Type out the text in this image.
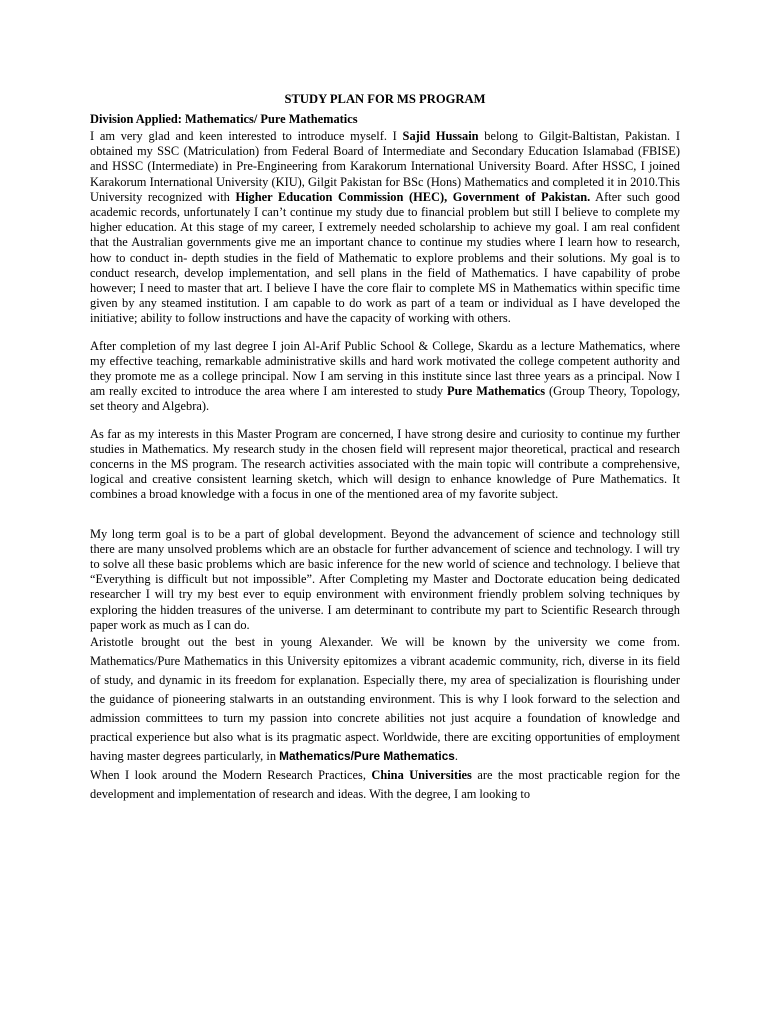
STUDY PLAN FOR MS PROGRAM
Division Applied: Mathematics/ Pure Mathematics

I am very glad and keen interested to introduce myself. I Sajid Hussain belong to Gilgit-Baltistan, Pakistan. I obtained my SSC (Matriculation) from Federal Board of Intermediate and Secondary Education Islamabad (FBISE) and HSSC (Intermediate) in Pre-Engineering from Karakorum International University Board. After HSSC, I joined Karakorum International University (KIU), Gilgit Pakistan for BSc (Hons) Mathematics and completed it in 2010.This University recognized with Higher Education Commission (HEC), Government of Pakistan. After such good academic records, unfortunately I can’t continue my study due to financial problem but still I believe to complete my higher education. At this stage of my career, I extremely needed scholarship to achieve my goal. I am real confident that the Australian governments give me an important chance to continue my studies where I learn how to research, how to conduct in- depth studies in the field of Mathematic to explore problems and their solutions. My goal is to conduct research, develop implementation, and sell plans in the field of Mathematics. I have capability of probe however; I need to master that art. I believe I have the core flair to complete MS in Mathematics within specific time given by any steamed institution. I am capable to do work as part of a team or individual as I have developed the initiative; ability to follow instructions and have the capacity of working with others.

After completion of my last degree I join Al-Arif Public School & College, Skardu as a lecture Mathematics, where my effective teaching, remarkable administrative skills and hard work motivated the college competent authority and they promote me as a college principal. Now I am serving in this institute since last three years as a principal. Now I am really excited to introduce the area where I am interested to study Pure Mathematics (Group Theory, Topology, set theory and Algebra).

As far as my interests in this Master Program are concerned, I have strong desire and curiosity to continue my further studies in Mathematics. My research study in the chosen field will represent major theoretical, practical and research concerns in the MS program. The research activities associated with the main topic will contribute a comprehensive, logical and creative consistent learning sketch, which will design to enhance knowledge of Pure Mathematics. It combines a broad knowledge with a focus in one of the mentioned area of my favorite subject.

My long term goal is to be a part of global development. Beyond the advancement of science and technology still there are many unsolved problems which are an obstacle for further advancement of science and technology. I will try to solve all these basic problems which are basic inference for the new world of science and technology. I believe that “Everything is difficult but not impossible”. After Completing my Master and Doctorate education being dedicated researcher I will try my best ever to equip environment with environment friendly problem solving techniques by exploring the hidden treasures of the universe. I am determinant to contribute my part to Scientific Research through paper work as much as I can do.

Aristotle brought out the best in young Alexander. We will be known by the university we come from. Mathematics/Pure Mathematics in this University epitomizes a vibrant academic community, rich, diverse in its field of study, and dynamic in its freedom for explanation. Especially there, my area of specialization is flourishing under the guidance of pioneering stalwarts in an outstanding environment. This is why I look forward to the selection and admission committees to turn my passion into concrete abilities not just acquire a foundation of knowledge and practical experience but also what is its pragmatic aspect. Worldwide, there are exciting opportunities of employment having master degrees particularly, in Mathematics/Pure Mathematics.

When I look around the Modern Research Practices, China Universities are the most practicable region for the development and implementation of research and ideas. With the degree, I am looking to
